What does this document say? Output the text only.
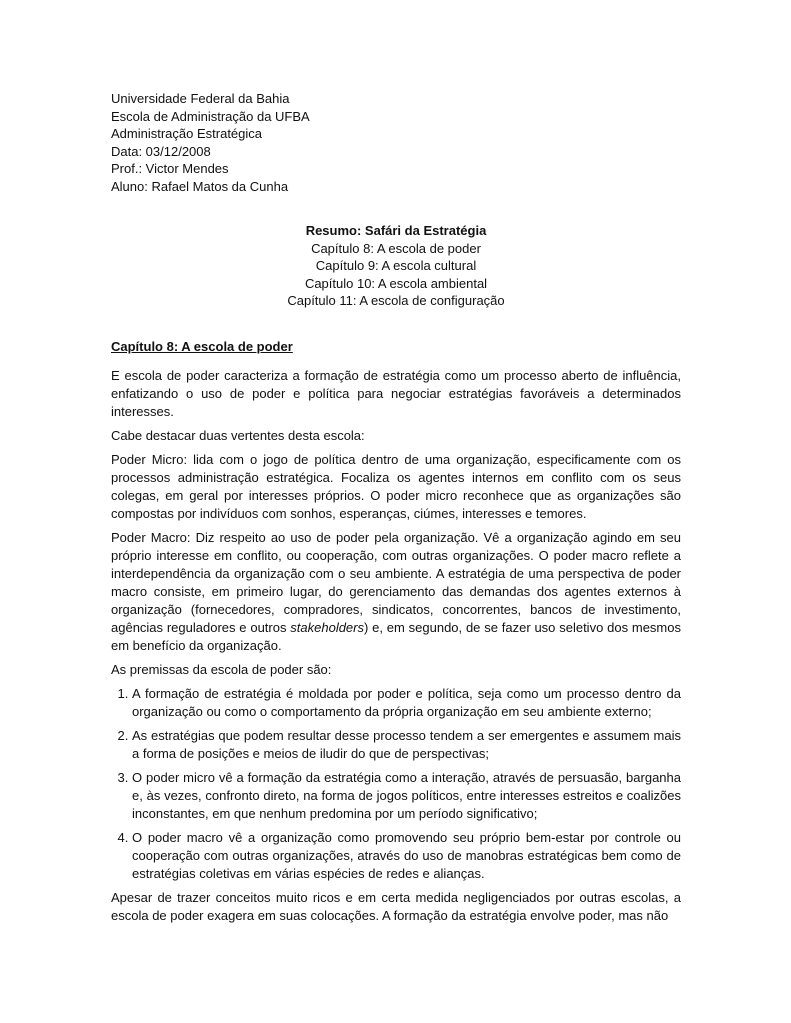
Universidade Federal da Bahia
Escola de Administração da UFBA
Administração Estratégica
Data: 03/12/2008
Prof.: Victor Mendes
Aluno: Rafael Matos da Cunha
Resumo: Safári da Estratégia
Capítulo 8: A escola de poder
Capítulo 9: A escola cultural
Capítulo 10: A escola ambiental
Capítulo 11: A escola de configuração
Capítulo 8: A escola de poder

E escola de poder caracteriza a formação de estratégia como um processo aberto de influência, enfatizando o uso de poder e política para negociar estratégias favoráveis a determinados interesses.

Cabe destacar duas vertentes desta escola:

Poder Micro: lida com o jogo de política dentro de uma organização, especificamente com os processos administração estratégica. Focaliza os agentes internos em conflito com os seus colegas, em geral por interesses próprios. O poder micro reconhece que as organizações são compostas por indivíduos com sonhos, esperanças, ciúmes, interesses e temores.

Poder Macro: Diz respeito ao uso de poder pela organização. Vê a organização agindo em seu próprio interesse em conflito, ou cooperação, com outras organizações. O poder macro reflete a interdependência da organização com o seu ambiente. A estratégia de uma perspectiva de poder macro consiste, em primeiro lugar, do gerenciamento das demandas dos agentes externos à organização (fornecedores, compradores, sindicatos, concorrentes, bancos de investimento, agências reguladores e outros stakeholders) e, em segundo, de se fazer uso seletivo dos mesmos em benefício da organização.

As premissas da escola de poder são:

1. A formação de estratégia é moldada por poder e política, seja como um processo dentro da organização ou como o comportamento da própria organização em seu ambiente externo;
2. As estratégias que podem resultar desse processo tendem a ser emergentes e assumem mais a forma de posições e meios de iludir do que de perspectivas;
3. O poder micro vê a formação da estratégia como a interação, através de persuasão, barganha e, às vezes, confronto direto, na forma de jogos políticos, entre interesses estreitos e coalizões inconstantes, em que nenhum predomina por um período significativo;
4. O poder macro vê a organização como promovendo seu próprio bem-estar por controle ou cooperação com outras organizações, através do uso de manobras estratégicas bem como de estratégias coletivas em várias espécies de redes e alianças.

Apesar de trazer conceitos muito ricos e em certa medida negligenciados por outras escolas, a escola de poder exagera em suas colocações. A formação da estratégia envolve poder, mas não
